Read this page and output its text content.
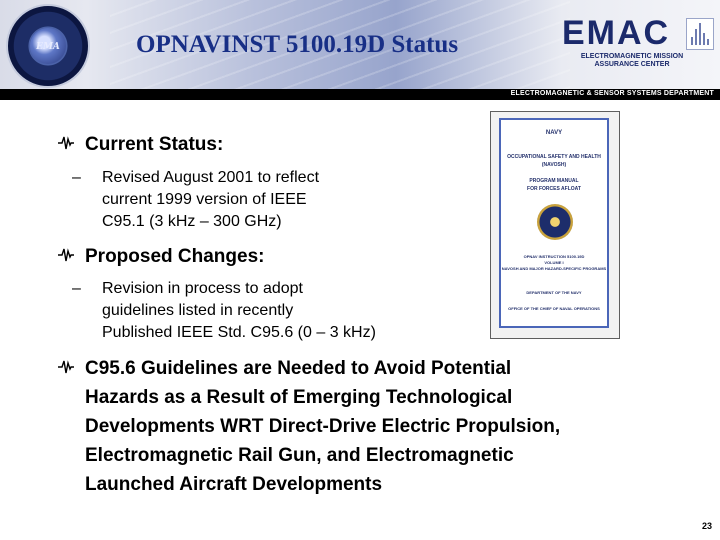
EMA	OPNAVINST 5100.19D Status	EMAC
ELECTROMAGNETIC MISSION ASSURANCE CENTER
ELECTROMAGNETIC & SENSOR SYSTEMS DEPARTMENT
Current Status:
– Revised August 2001 to reflect
current 1999 version of IEEE
C95.1 (3 kHz – 300 GHz)
Proposed Changes:
– Revision in process to adopt
guidelines listed in recently
Published IEEE Std. C95.6 (0 – 3 kHz)
C95.6 Guidelines are Needed to Avoid Potential
Hazards as a Result of Emerging Technological
Developments WRT Direct-Drive Electric Propulsion,
Electromagnetic Rail Gun, and Electromagnetic
Launched Aircraft Developments
NAVY
OCCUPATIONAL SAFETY AND HEALTH
(NAVOSH)
PROGRAM MANUAL
FOR FORCES AFLOAT
OPNAV INSTRUCTION 5100.19D
VOLUME I
NAVOSH AND MAJOR HAZARD-SPECIFIC PROGRAMS
DEPARTMENT OF THE NAVY
OFFICE OF THE CHIEF OF NAVAL OPERATIONS
23
